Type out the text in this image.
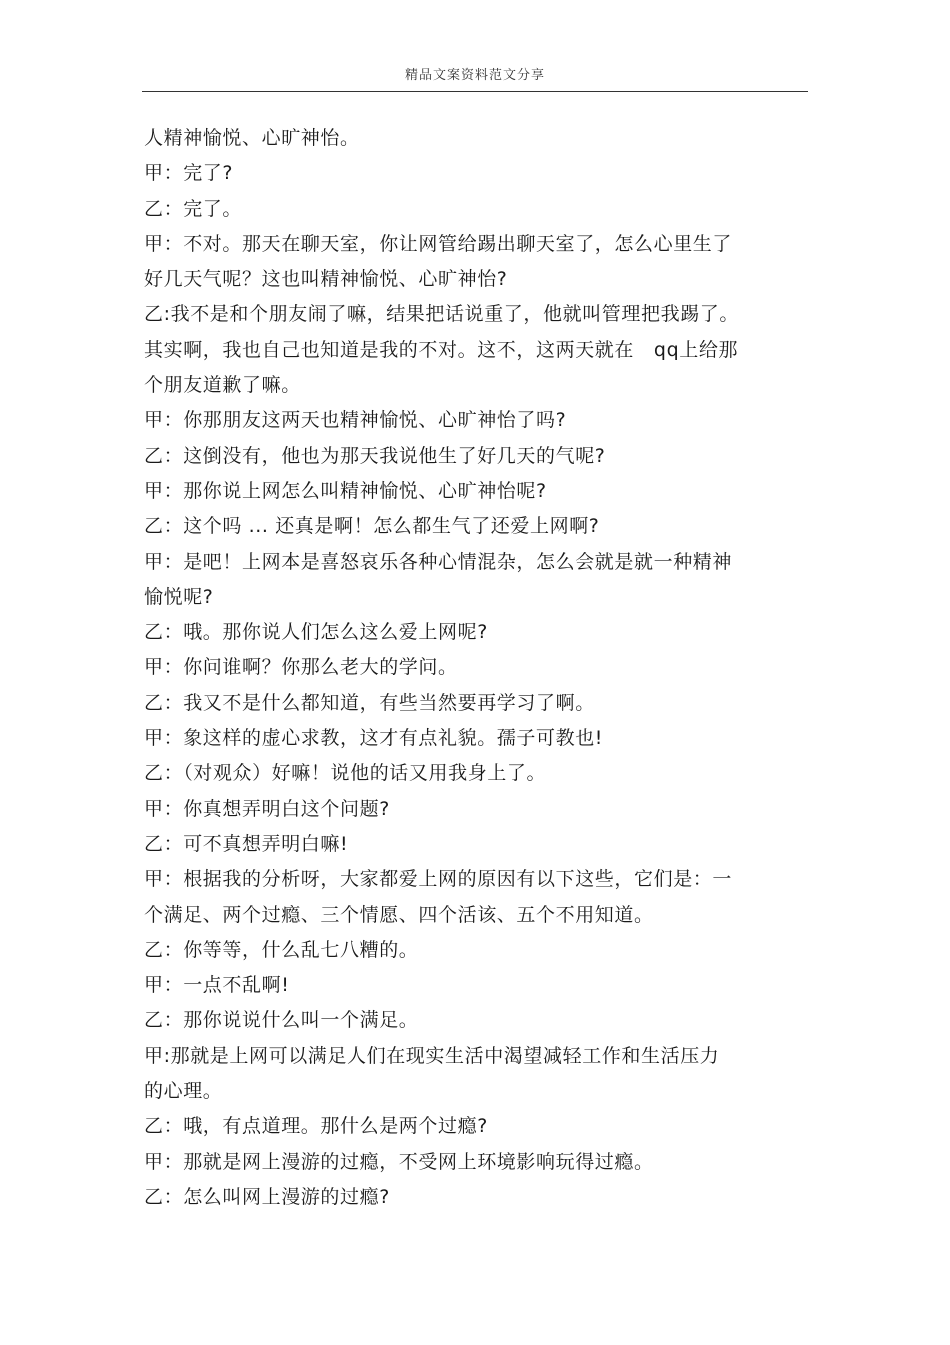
精品文案资料范文分享
人精神愉悦、心旷神怡。
甲：完了?
乙：完了。
甲：不对。那天在聊天室，你让网管给踢出聊天室了，怎么心里生了
好几天气呢？这也叫精神愉悦、心旷神怡?
乙:我不是和个朋友闹了嘛，结果把话说重了，他就叫管理把我踢了。
其实啊，我也自己也知道是我的不对。这不，这两天就在   qq上给那
个朋友道歉了嘛。
甲：你那朋友这两天也精神愉悦、心旷神怡了吗?
乙：这倒没有，他也为那天我说他生了好几天的气呢?
甲：那你说上网怎么叫精神愉悦、心旷神怡呢?
乙：这个吗 ... 还真是啊！怎么都生气了还爱上网啊?
甲：是吧！上网本是喜怒哀乐各种心情混杂，怎么会就是就一种精神
愉悦呢?
乙：哦。那你说人们怎么这么爱上网呢?
甲：你问谁啊？你那么老大的学问。
乙：我又不是什么都知道，有些当然要再学习了啊。
甲：象这样的虚心求教，这才有点礼貌。孺子可教也!
乙：（对观众）好嘛！说他的话又用我身上了。
甲：你真想弄明白这个问题?
乙：可不真想弄明白嘛!
甲：根据我的分析呀，大家都爱上网的原因有以下这些，它们是：一
个满足、两个过瘾、三个情愿、四个活该、五个不用知道。
乙：你等等，什么乱七八糟的。
甲：一点不乱啊!
乙：那你说说什么叫一个满足。
甲:那就是上网可以满足人们在现实生活中渴望减轻工作和生活压力
的心理。
乙：哦，有点道理。那什么是两个过瘾?
甲：那就是网上漫游的过瘾，不受网上环境影响玩得过瘾。
乙：怎么叫网上漫游的过瘾?
